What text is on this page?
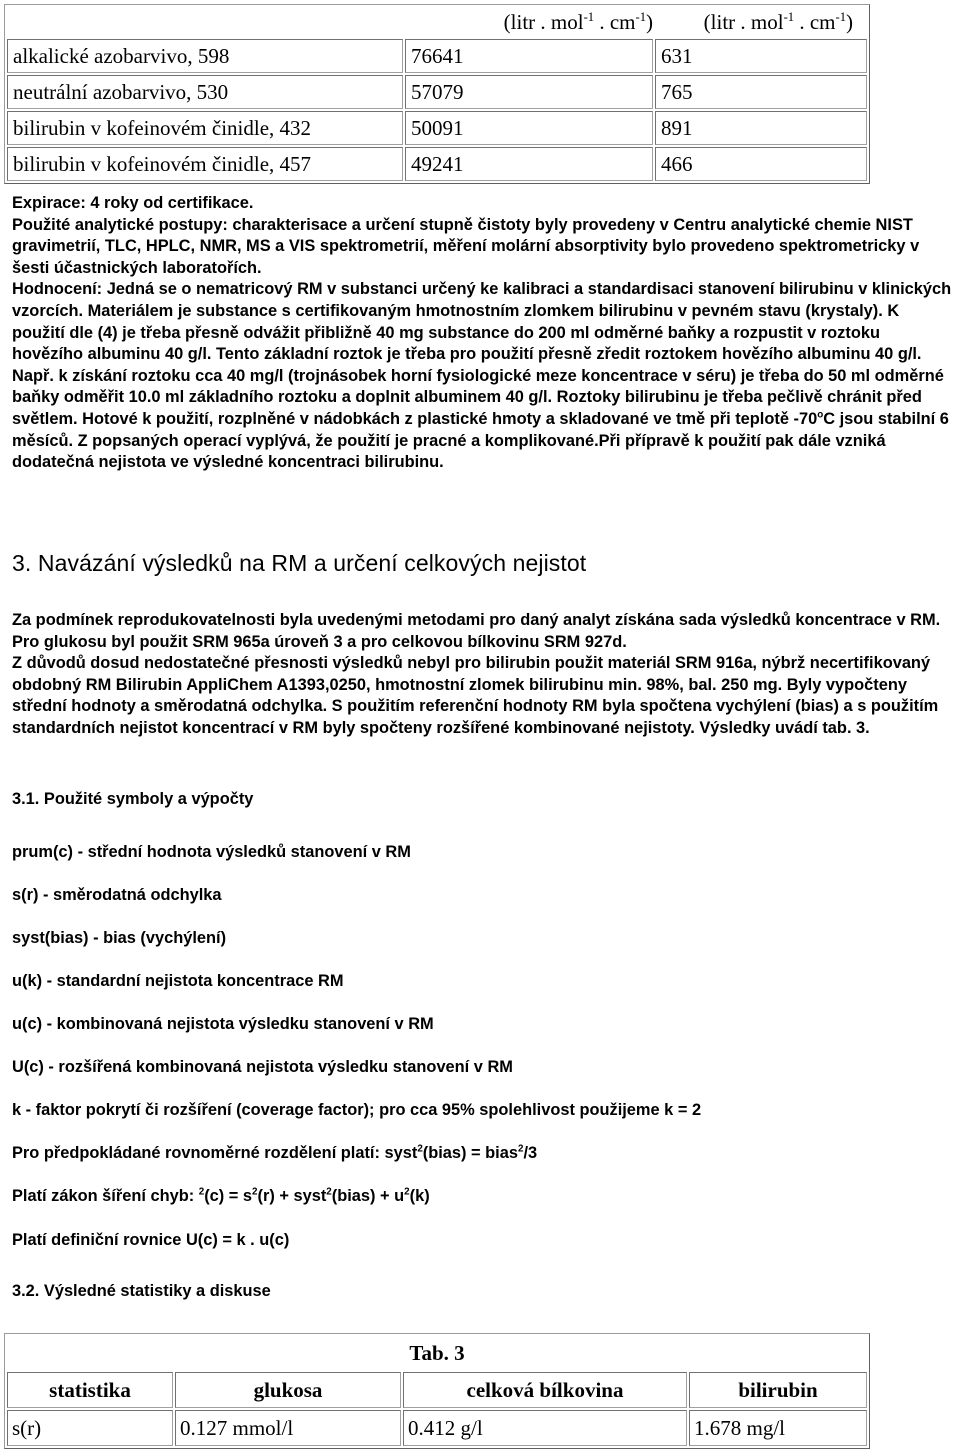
	(litr . mol$^{-1}$ . $cm^{-1}$)	(litr . mol$^{-1}$ . $cm^{-1}$)
alkalické azobarvivo, 598	76641	631
neutrální azobarvivo, 530	57079	765
bilirubin v kofeinovém činidle, 432	50091	891
bilirubin v kofeinovém činidle, 457	49241	466
Expirace: 4 roky od certifikace.
Použité analytické postupy: charakterisace a určení stupně čistoty byly provedeny v Centru analytické chemie NIST gravimetrií, TLC, HPLC, NMR, MS a VIS spektrometrií, měření molární absorptivity bylo provedeno spektrometricky v šesti účastnických laboratořích.
Hodnocení: Jedná se o nematricový RM v substanci určený ke kalibraci a standardisaci stanovení bilirubinu v klinických vzorcích. Materiálem je substance s certifikovaným hmotnostním zlomkem bilirubinu v pevném stavu (krystaly). K použití dle (4) je třeba přesně odvážit přibližně 40 mg substance do 200 ml odměrné baňky a rozpustit v roztoku hovězího albuminu 40 g/l. Tento základní roztok je třeba pro použití přesně zředit roztokem hovězího albuminu 40 g/l. Např. k získání roztoku cca 40 mg/l (trojnásobek horní fysiologické meze koncentrace v séru) je třeba do 50 ml odměrné baňky odměřit 10.0 ml základního roztoku a doplnit albuminem 40 g/l. Roztoky bilirubinu je třeba pečlivě chránit před světlem. Hotové k použití, rozplněné v nádobkách z plastické hmoty a skladované ve tmě při teplotě -70$^o$C jsou stabilní 6 měsíců. Z popsaných operací vyplývá, že použití je pracné a komplikované.Při přípravě k použití pak dále vzniká dodatečná nejistota ve výsledné koncentraci bilirubinu.
3. Navázání výsledků na RM a určení celkových nejistot
Za podmínek reprodukovatelnosti byla uvedenými metodami pro daný analyt získána sada výsledků koncentrace v RM. Pro glukosu byl použit SRM 965a úroveň 3 a pro celkovou bílkovinu SRM 927d.
Z důvodů dosud nedostatečné přesnosti výsledků nebyl pro bilirubin použit materiál SRM 916a, nýbrž necertifikovaný obdobný RM Bilirubin AppliChem A1393,0250, hmotnostní zlomek bilirubinu min. 98%, bal. 250 mg. Byly vypočteny střední hodnoty a směrodatná odchylka. S použitím referenční hodnoty RM byla spočtena vychýlení (bias) a s použitím standardních nejistot koncentrací v RM byly spočteny rozšířené kombinované nejistoty. Výsledky uvádí tab. 3.
3.1. Použité symboly a výpočty
prum(c) - střední hodnota výsledků stanovení v RM
s(r) - směrodatná odchylka
syst(bias) - bias (vychýlení)
u(k) - standardní nejistota koncentrace RM
u(c) - kombinovaná nejistota výsledku stanovení v RM
U(c) - rozšířená kombinovaná nejistota výsledku stanovení v RM
k - faktor pokrytí či rozšíření (coverage factor); pro cca 95% spolehlivost použijeme k = 2
Pro předpokládané rovnoměrné rozdělení platí: syst$^2$(bias) = bias$^2$/3
Platí zákon šíření chyb: $^2(c) = s^2(r)$ + syst$^2$(bias) + $u^2(k)$
Platí definiční rovnice U(c) = k . u(c)
3.2. Výsledné statistiky a diskuse
Tab. 3			
statistika	glukosa	celková bílkovina	bilirubin
s(r)	0.127 mmol/l	0.412 g/l	1.678 mg/l
